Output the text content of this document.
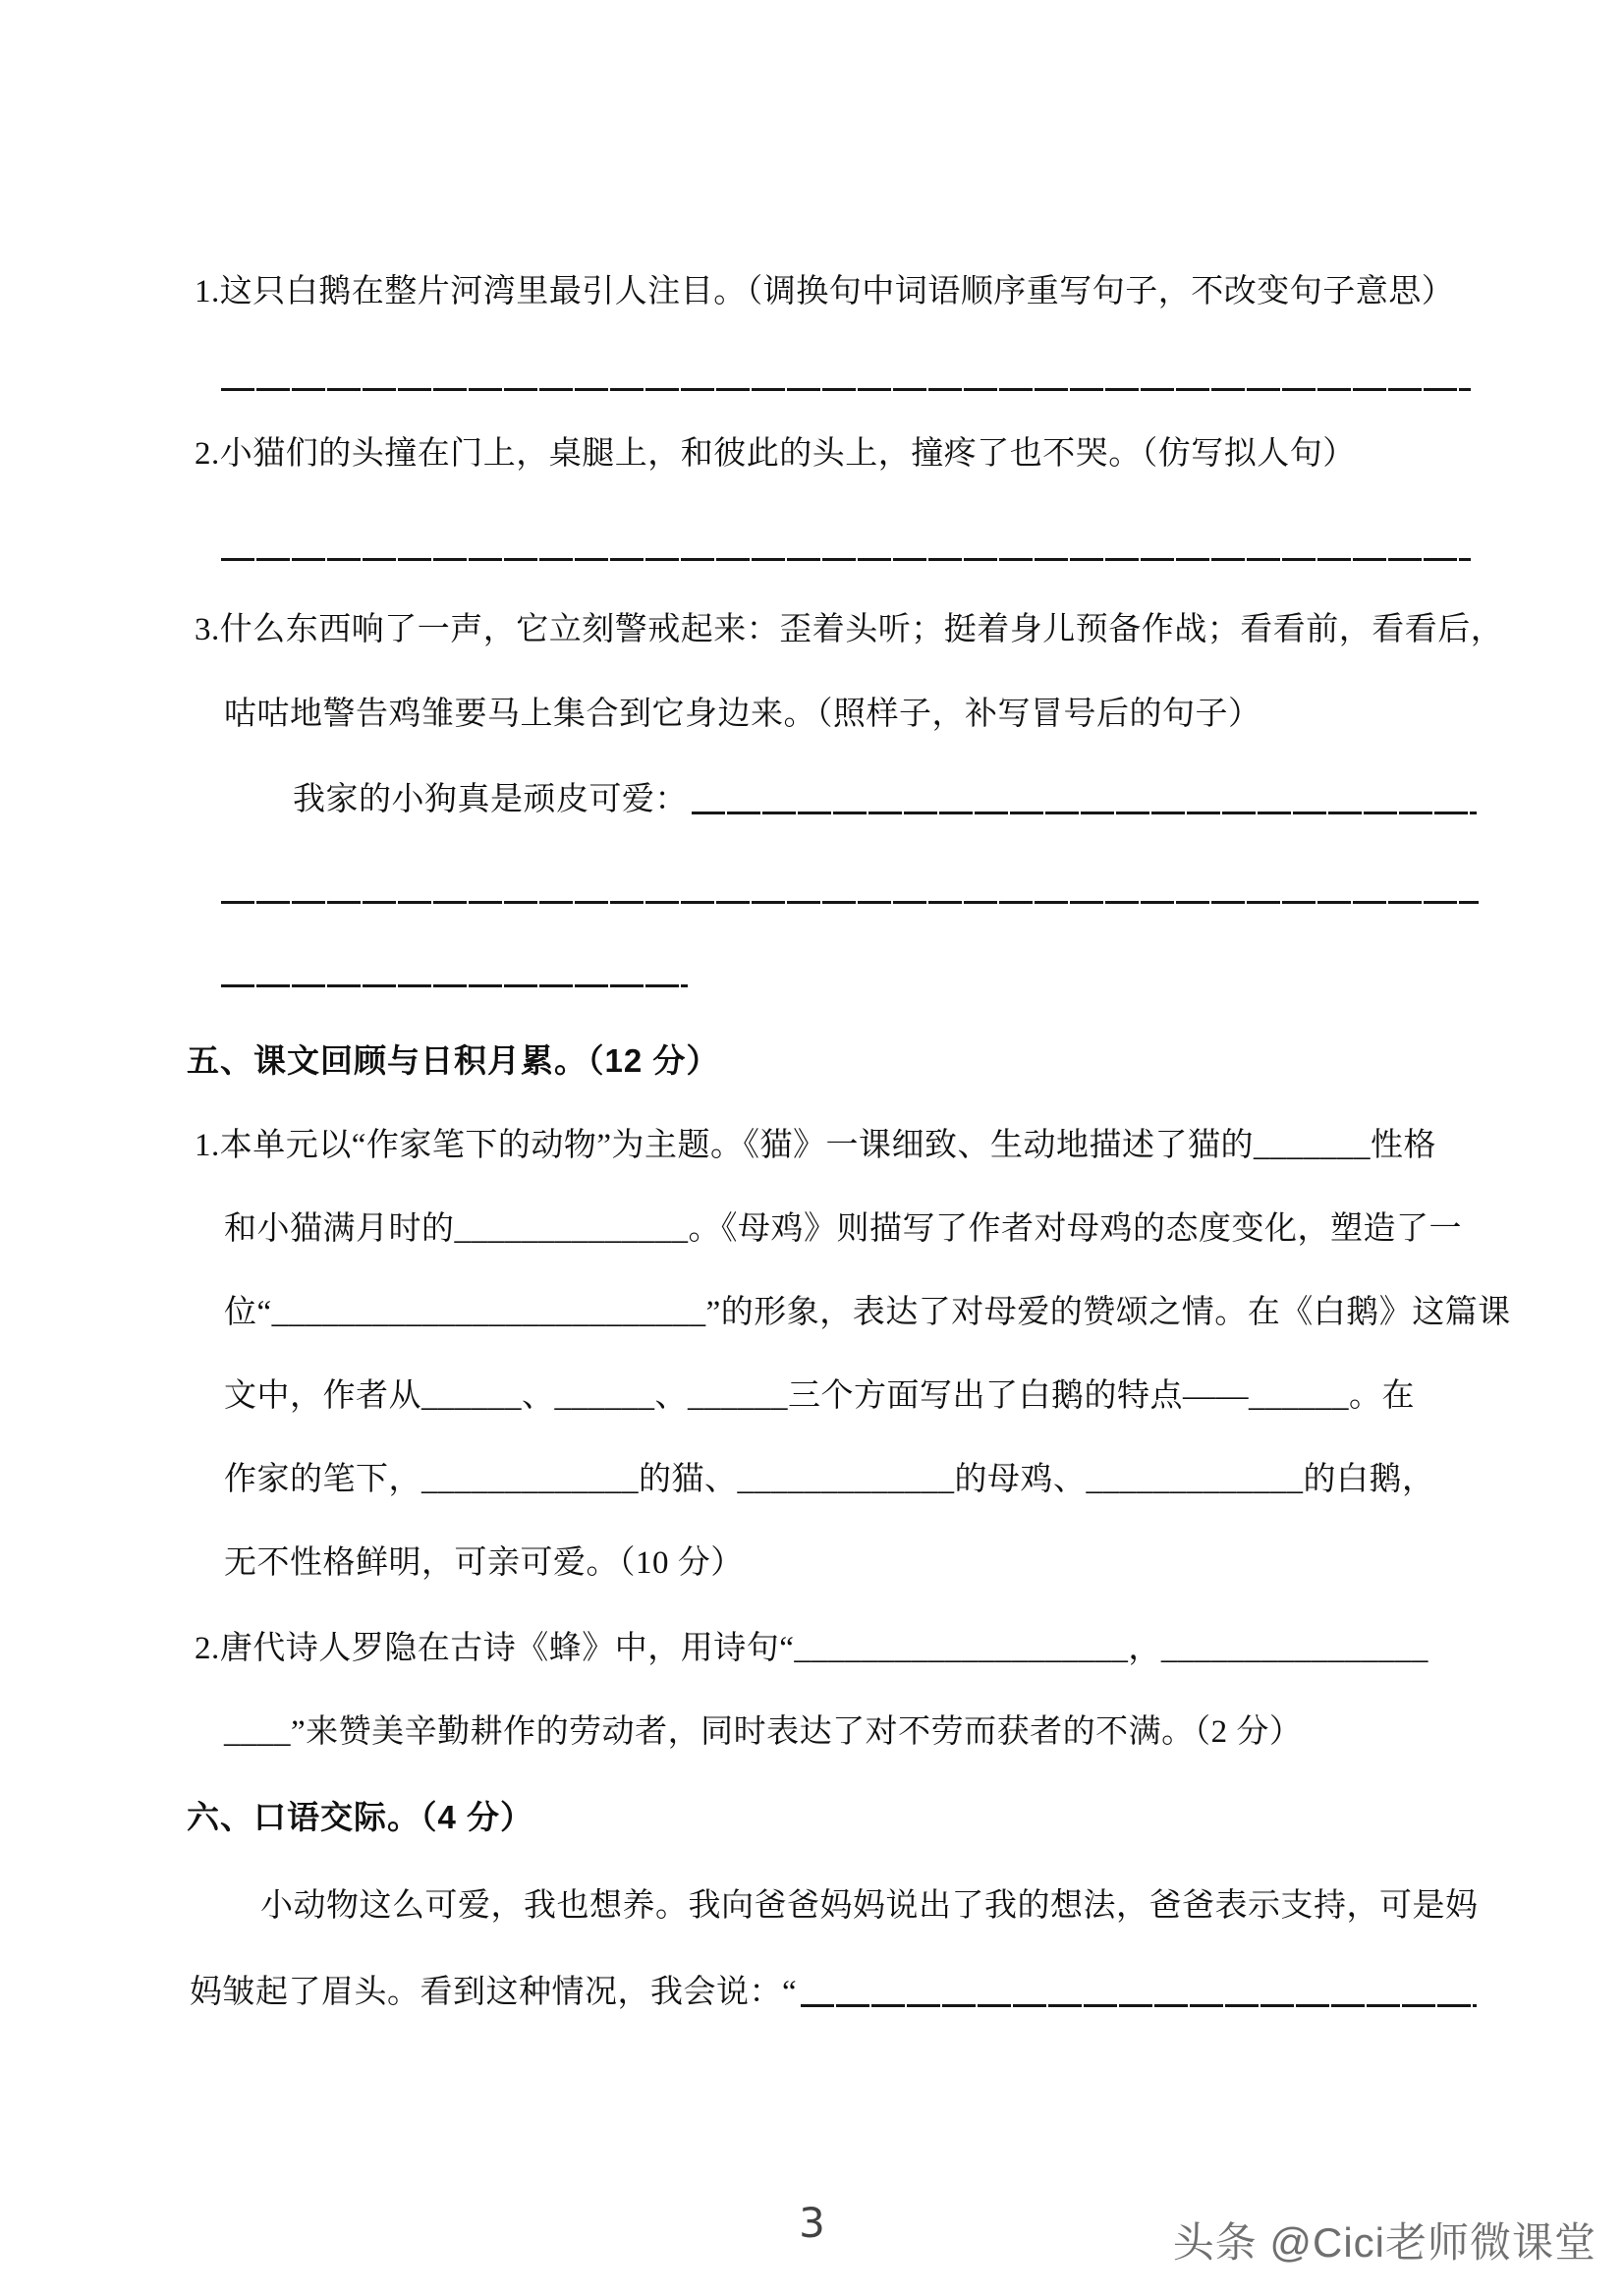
1.这只白鹅在整片河湾里最引人注目。（调换句中词语顺序重写句子，不改变句子意思）
2.小猫们的头撞在门上，桌腿上，和彼此的头上，撞疼了也不哭。（仿写拟人句）
3.什么东西响了一声，它立刻警戒起来：歪着头听；挺着身儿预备作战；看看前，看看后，
咕咕地警告鸡雏要马上集合到它身边来。（照样子，补写冒号后的句子）
我家的小狗真是顽皮可爱：
五、课文回顾与日积月累。（12 分）
1.本单元以“作家笔下的动物”为主题。《猫》一课细致、生动地描述了猫的_______性格
和小猫满月时的______________。《母鸡》则描写了作者对母鸡的态度变化，塑造了一
位“__________________________”的形象，表达了对母爱的赞颂之情。在《白鹅》这篇课
文中，作者从______、______、______三个方面写出了白鹅的特点——______。在
作家的笔下，_____________的猫、_____________的母鸡、_____________的白鹅，
无不性格鲜明，可亲可爱。（10 分）
2.唐代诗人罗隐在古诗《蜂》中，用诗句“____________________，________________
____”来赞美辛勤耕作的劳动者，同时表达了对不劳而获者的不满。（2 分）
六、口语交际。（4 分）
小动物这么可爱，我也想养。我向爸爸妈妈说出了我的想法，爸爸表示支持，可是妈
妈皱起了眉头。看到这种情况，我会说：“
3	头条 @Cici老师微课堂
